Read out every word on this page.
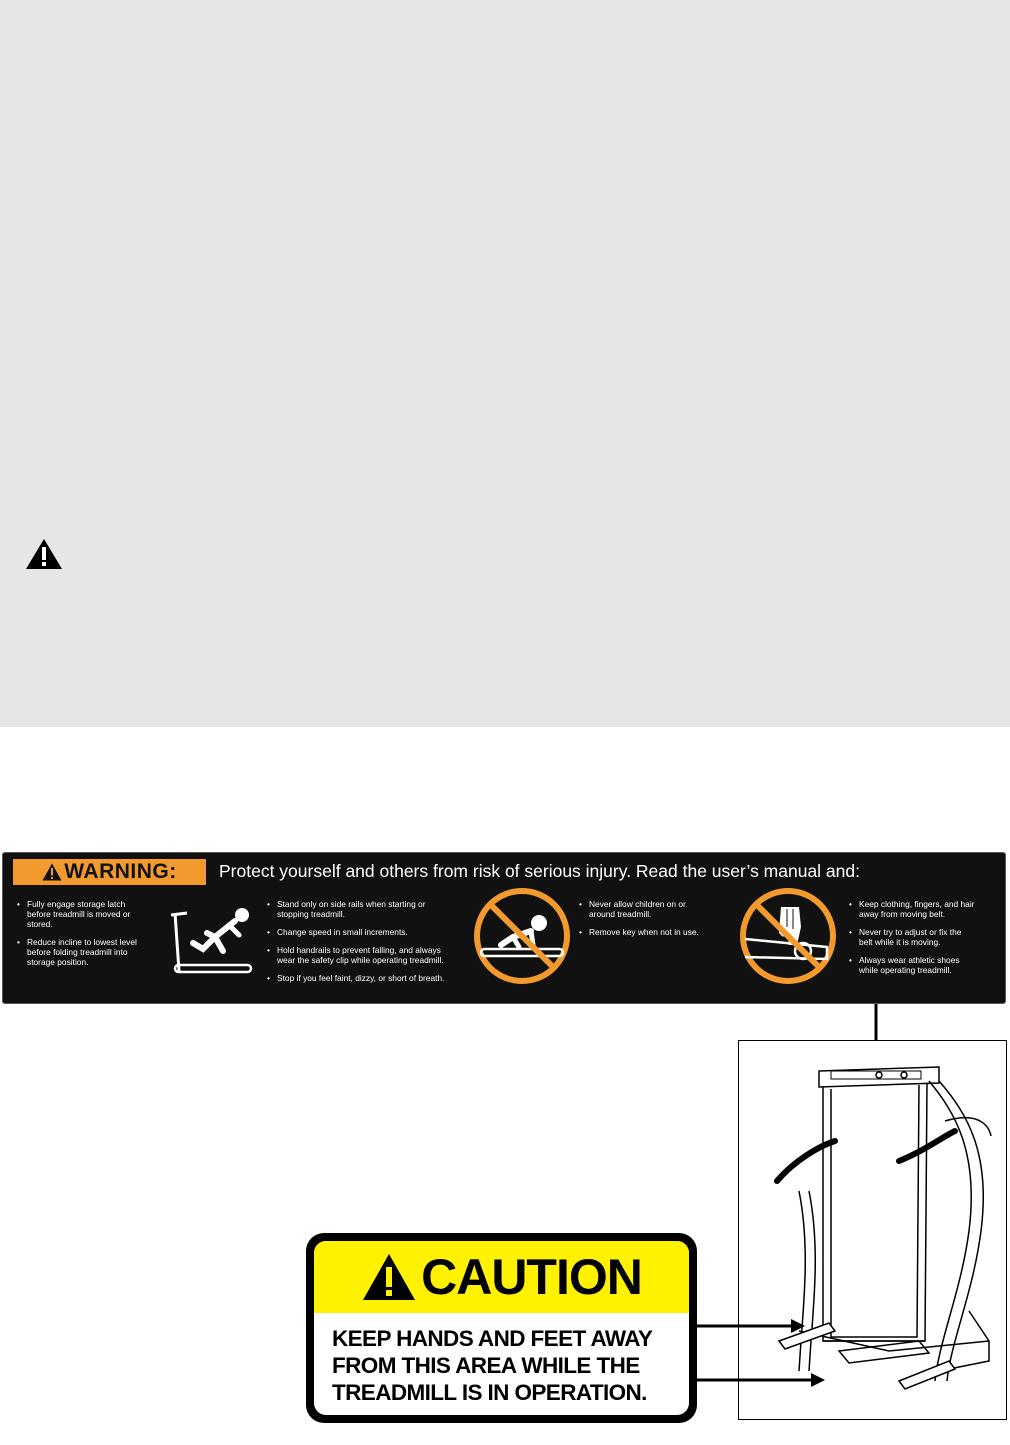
WARNING: Protect yourself and others from risk of serious injury. Read the user’s manual and:
• Fully engage storage latch
before treadmill is moved or
stored.
• Reduce incline to lowest level
before folding treadmill into
storage position.
• Stand only on side rails when starting or
stopping treadmill.
• Change speed in small increments.
• Hold handrails to prevent falling, and always
wear the safety clip while operating treadmill.
• Stop if you feel faint, dizzy, or short of breath.
• Never allow children on or
around treadmill.
• Remove key when not in use.
• Keep clothing, fingers, and hair
away from moving belt.
• Never try to adjust or fix the
belt while it is moving.
• Always wear athletic shoes
while operating treadmill.
CAUTION
KEEP HANDS AND FEET AWAY
FROM THIS AREA WHILE THE
TREADMILL IS IN OPERATION.
